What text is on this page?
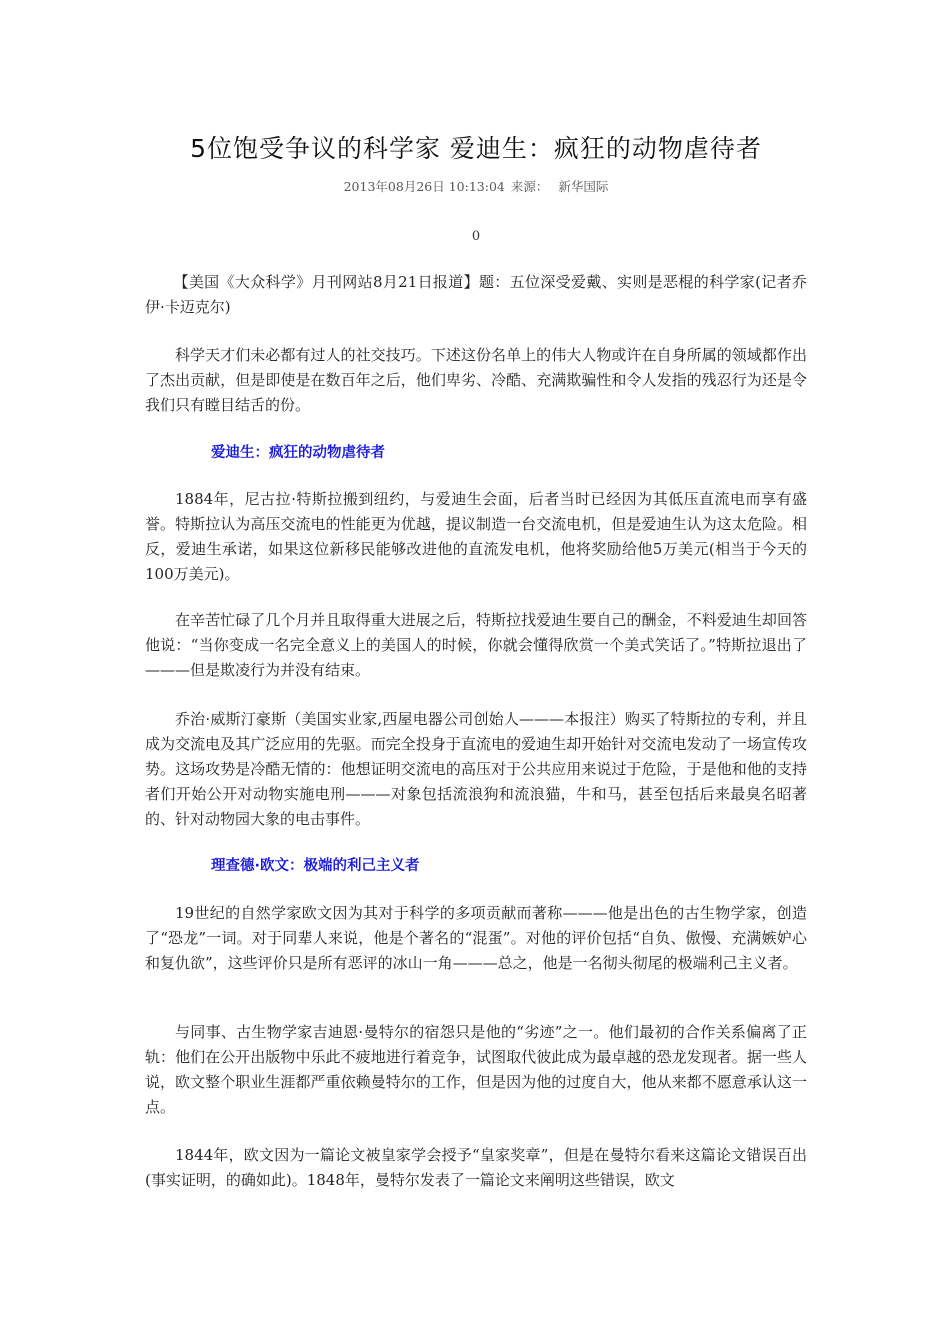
5位饱受争议的科学家 爱迪生：疯狂的动物虐待者
2013年08月26日 10:13:04 来源： 新华国际
0

【美国《大众科学》月刊网站8月21日报道】题：五位深受爱戴、实则是恶棍的科学家(记者乔伊·卡迈克尔)

科学天才们未必都有过人的社交技巧。下述这份名单上的伟大人物或许在自身所属的领域都作出了杰出贡献，但是即使是在数百年之后，他们卑劣、冷酷、充满欺骗性和令人发指的残忍行为还是令我们只有瞠目结舌的份。

爱迪生：疯狂的动物虐待者

1884年，尼古拉·特斯拉搬到纽约，与爱迪生会面，后者当时已经因为其低压直流电而享有盛誉。特斯拉认为高压交流电的性能更为优越，提议制造一台交流电机，但是爱迪生认为这太危险。相反，爱迪生承诺，如果这位新移民能够改进他的直流发电机，他将奖励给他5万美元(相当于今天的100万美元)。

在辛苦忙碌了几个月并且取得重大进展之后，特斯拉找爱迪生要自己的酬金，不料爱迪生却回答他说：“当你变成一名完全意义上的美国人的时候，你就会懂得欣赏一个美式笑话了。”特斯拉退出了———但是欺凌行为并没有结束。

乔治·威斯汀豪斯（美国实业家,西屋电器公司创始人———本报注）购买了特斯拉的专利，并且成为交流电及其广泛应用的先驱。而完全投身于直流电的爱迪生却开始针对交流电发动了一场宣传攻势。这场攻势是冷酷无情的：他想证明交流电的高压对于公共应用来说过于危险，于是他和他的支持者们开始公开对动物实施电刑———对象包括流浪狗和流浪猫，牛和马，甚至包括后来最臭名昭著的、针对动物园大象的电击事件。

理查德·欧文：极端的利己主义者

19世纪的自然学家欧文因为其对于科学的多项贡献而著称———他是出色的古生物学家，创造了“恐龙”一词。对于同辈人来说，他是个著名的“混蛋”。对他的评价包括“自负、傲慢、充满嫉妒心和复仇欲”，这些评价只是所有恶评的冰山一角———总之，他是一名彻头彻尾的极端利己主义者。

与同事、古生物学家吉迪恩·曼特尔的宿怨只是他的“劣迹”之一。他们最初的合作关系偏离了正轨：他们在公开出版物中乐此不疲地进行着竞争，试图取代彼此成为最卓越的恐龙发现者。据一些人说，欧文整个职业生涯都严重依赖曼特尔的工作，但是因为他的过度自大，他从来都不愿意承认这一点。

1844年，欧文因为一篇论文被皇家学会授予“皇家奖章”，但是在曼特尔看来这篇论文错误百出(事实证明，的确如此)。1848年，曼特尔发表了一篇论文来阐明这些错误，欧文
